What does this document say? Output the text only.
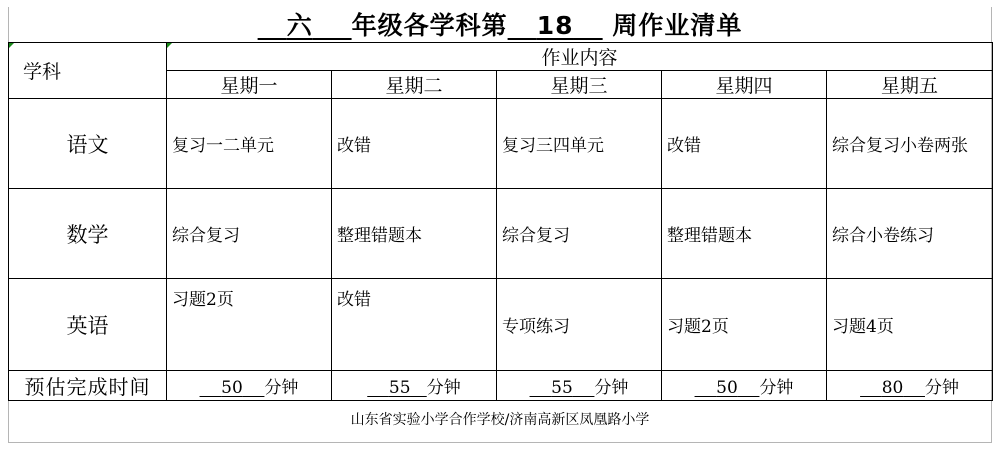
六 年级各学科第 18 周作业清单
学科	作业内容				
	星期一	星期二	星期三	星期四	星期五
语文	复习一二单元	改错	复习三四单元	改错	综合复习小卷两张
数学	综合复习	整理错题本	综合复习	整理错题本	综合小卷练习
英语	习题2页	改错	专项练习	习题2页	习题4页
预估完成时间	50 分钟	55 分钟	55 分钟	50 分钟	80 分钟
山东省实验小学合作学校/济南高新区凤凰路小学
